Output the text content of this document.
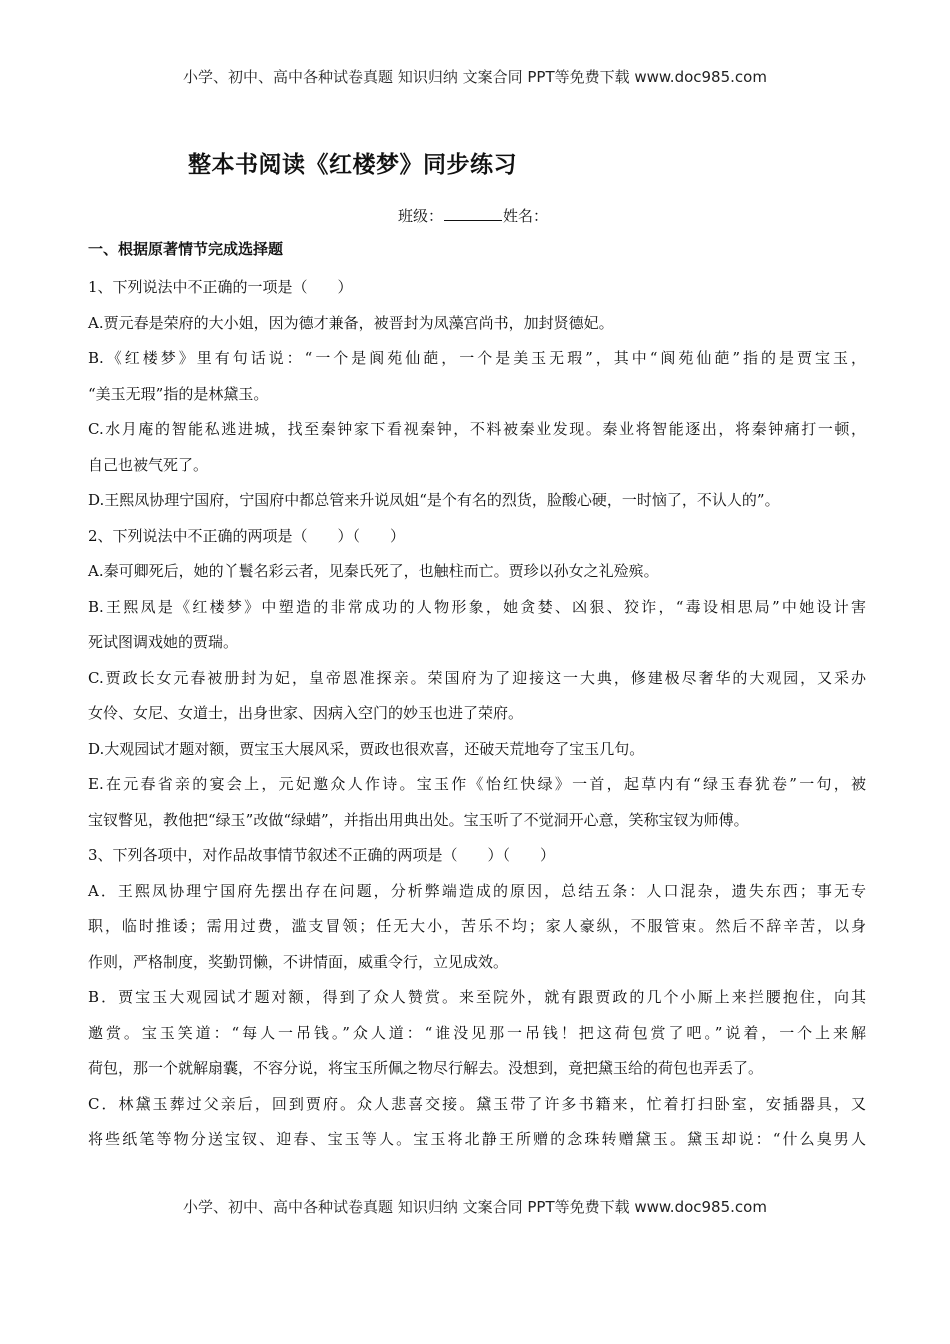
小学、初中、高中各种试卷真题 知识归纳 文案合同 PPT等免费下载 www.doc985.com
整本书阅读《红楼梦》同步练习
班级：	姓名：
一、根据原著情节完成选择题
1、下列说法中不正确的一项是（　　）
A.贾元春是荣府的大小姐，因为德才兼备，被晋封为凤藻宫尚书，加封贤德妃。
B.《红楼梦》里有句话说：“一个是阆苑仙葩，一个是美玉无瑕”，其中“阆苑仙葩”指的是贾宝玉，
“美玉无瑕”指的是林黛玉。
C.水月庵的智能私逃进城，找至秦钟家下看视秦钟，不料被秦业发现。秦业将智能逐出，将秦钟痛打一顿，
自己也被气死了。
D.王熙凤协理宁国府，宁国府中都总管来升说凤姐“是个有名的烈货，脸酸心硬，一时恼了，不认人的”。
2、下列说法中不正确的两项是（　　）（　　）
A.秦可卿死后，她的丫鬟名彩云者，见秦氏死了，也触柱而亡。贾珍以孙女之礼殓殡。
B.王熙凤是《红楼梦》中塑造的非常成功的人物形象，她贪婪、凶狠、狡诈，“毒设相思局”中她设计害
死试图调戏她的贾瑞。
C.贾政长女元春被册封为妃，皇帝恩准探亲。荣国府为了迎接这一大典，修建极尽奢华的大观园，又采办
女伶、女尼、女道士，出身世家、因病入空门的妙玉也进了荣府。
D.大观园试才题对额，贾宝玉大展风采，贾政也很欢喜，还破天荒地夸了宝玉几句。
E.在元春省亲的宴会上，元妃邀众人作诗。宝玉作《怡红快绿》一首，起草内有“绿玉春犹卷”一句，被
宝钗瞥见，教他把“绿玉”改做“绿蜡”，并指出用典出处。宝玉听了不觉洞开心意，笑称宝钗为师傅。
3、下列各项中，对作品故事情节叙述不正确的两项是（　　）（　　）
A．王熙凤协理宁国府先摆出存在问题，分析弊端造成的原因，总结五条：人口混杂，遗失东西；事无专
职，临时推诿；需用过费，滥支冒领；任无大小，苦乐不均；家人豪纵，不服管束。然后不辞辛苦，以身
作则，严格制度，奖勤罚懒，不讲情面，威重令行，立见成效。
B．贾宝玉大观园试才题对额，得到了众人赞赏。来至院外，就有跟贾政的几个小厮上来拦腰抱住，向其
邀赏。宝玉笑道：“每人一吊钱。”众人道：“谁没见那一吊钱！把这荷包赏了吧。”说着，一个上来解
荷包，那一个就解扇囊，不容分说，将宝玉所佩之物尽行解去。没想到，竟把黛玉给的荷包也弄丢了。
C．林黛玉葬过父亲后，回到贾府。众人悲喜交接。黛玉带了许多书籍来，忙着打扫卧室，安插器具，又
将些纸笔等物分送宝钗、迎春、宝玉等人。宝玉将北静王所赠的念珠转赠黛玉。黛玉却说：“什么臭男人
小学、初中、高中各种试卷真题 知识归纳 文案合同 PPT等免费下载 www.doc985.com
